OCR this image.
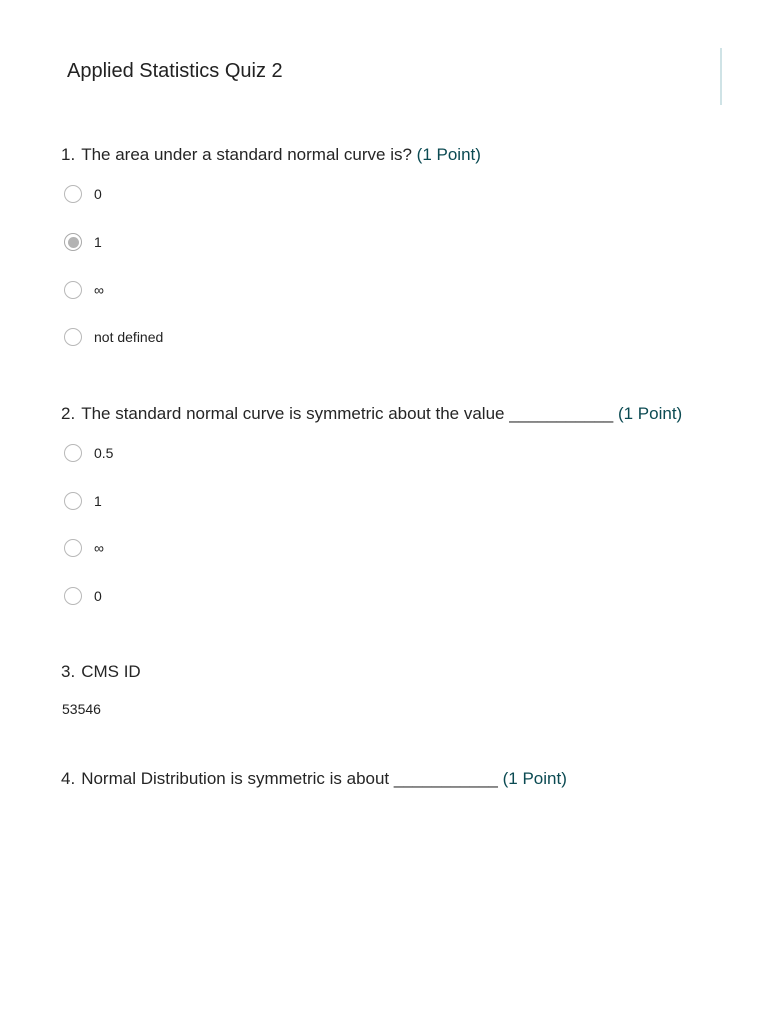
Applied Statistics Quiz 2
1. The area under a standard normal curve is? (1 Point)
0
1
∞
not defined
2. The standard normal curve is symmetric about the value ___________ (1 Point)
0.5
1
∞
0
3. CMS ID
53546
4. Normal Distribution is symmetric is about ___________ (1 Point)
